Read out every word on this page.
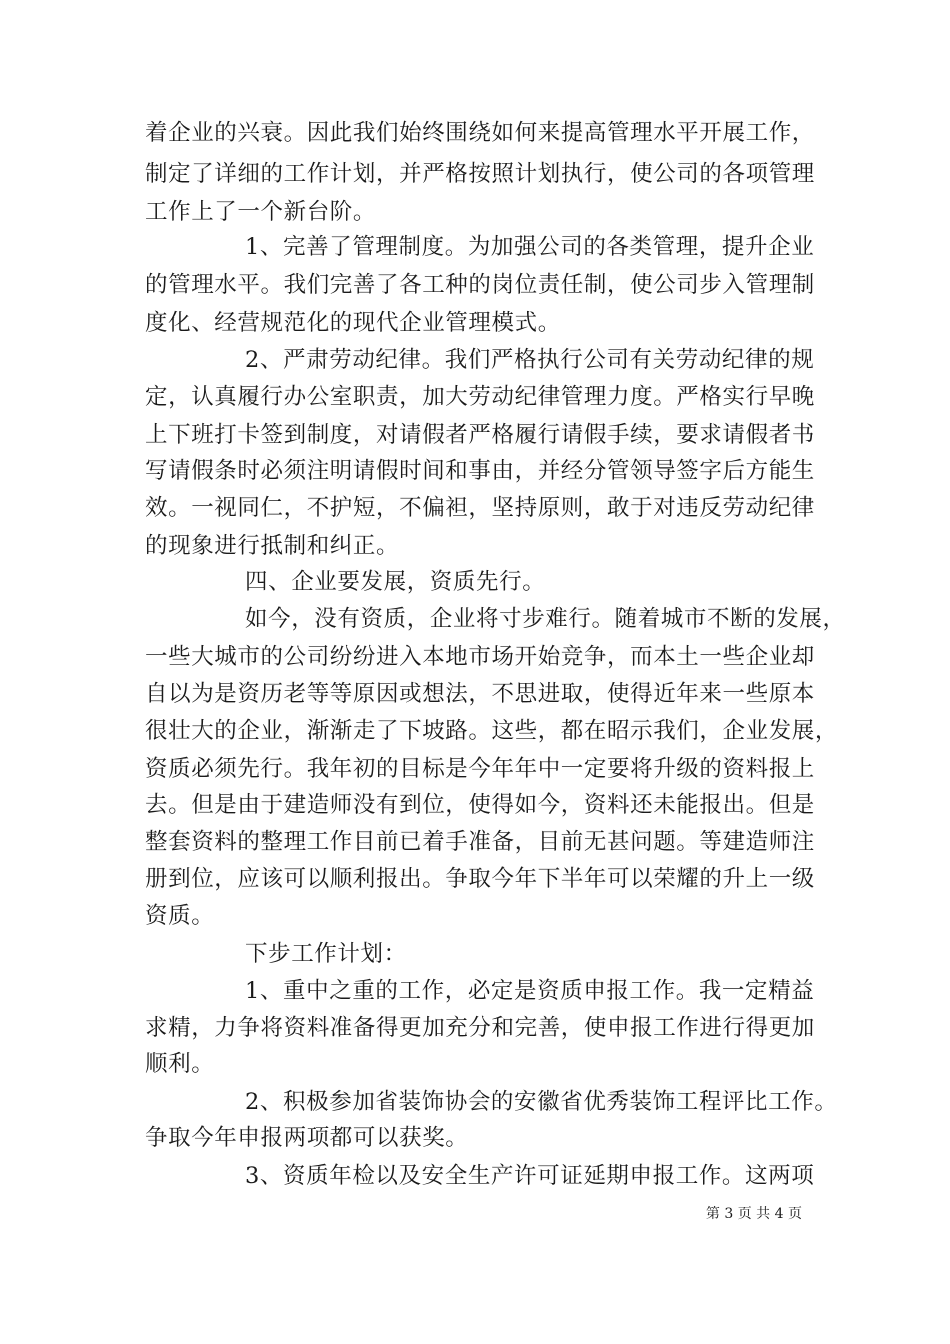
着企业的兴衰。因此我们始终围绕如何来提高管理水平开展工作，
制定了详细的工作计划，并严格按照计划执行，使公司的各项管理
工作上了一个新台阶。
1、完善了管理制度。为加强公司的各类管理，提升企业
的管理水平。我们完善了各工种的岗位责任制，使公司步入管理制
度化、经营规范化的现代企业管理模式。
2、严肃劳动纪律。我们严格执行公司有关劳动纪律的规
定，认真履行办公室职责，加大劳动纪律管理力度。严格实行早晚
上下班打卡签到制度，对请假者严格履行请假手续，要求请假者书
写请假条时必须注明请假时间和事由，并经分管领导签字后方能生
效。一视同仁，不护短，不偏袒，坚持原则，敢于对违反劳动纪律
的现象进行抵制和纠正。
四、企业要发展，资质先行。
如今，没有资质，企业将寸步难行。随着城市不断的发展，
一些大城市的公司纷纷进入本地市场开始竞争，而本土一些企业却
自以为是资历老等等原因或想法，不思进取，使得近年来一些原本
很壮大的企业，渐渐走了下坡路。这些，都在昭示我们，企业发展，
资质必须先行。我年初的目标是今年年中一定要将升级的资料报上
去。但是由于建造师没有到位，使得如今，资料还未能报出。但是
整套资料的整理工作目前已着手准备，目前无甚问题。等建造师注
册到位，应该可以顺利报出。争取今年下半年可以荣耀的升上一级
资质。
下步工作计划：
1、重中之重的工作，必定是资质申报工作。我一定精益
求精，力争将资料准备得更加充分和完善，使申报工作进行得更加
顺利。
2、积极参加省装饰协会的安徽省优秀装饰工程评比工作。
争取今年申报两项都可以获奖。
3、资质年检以及安全生产许可证延期申报工作。这两项
第 3 页 共 4 页
